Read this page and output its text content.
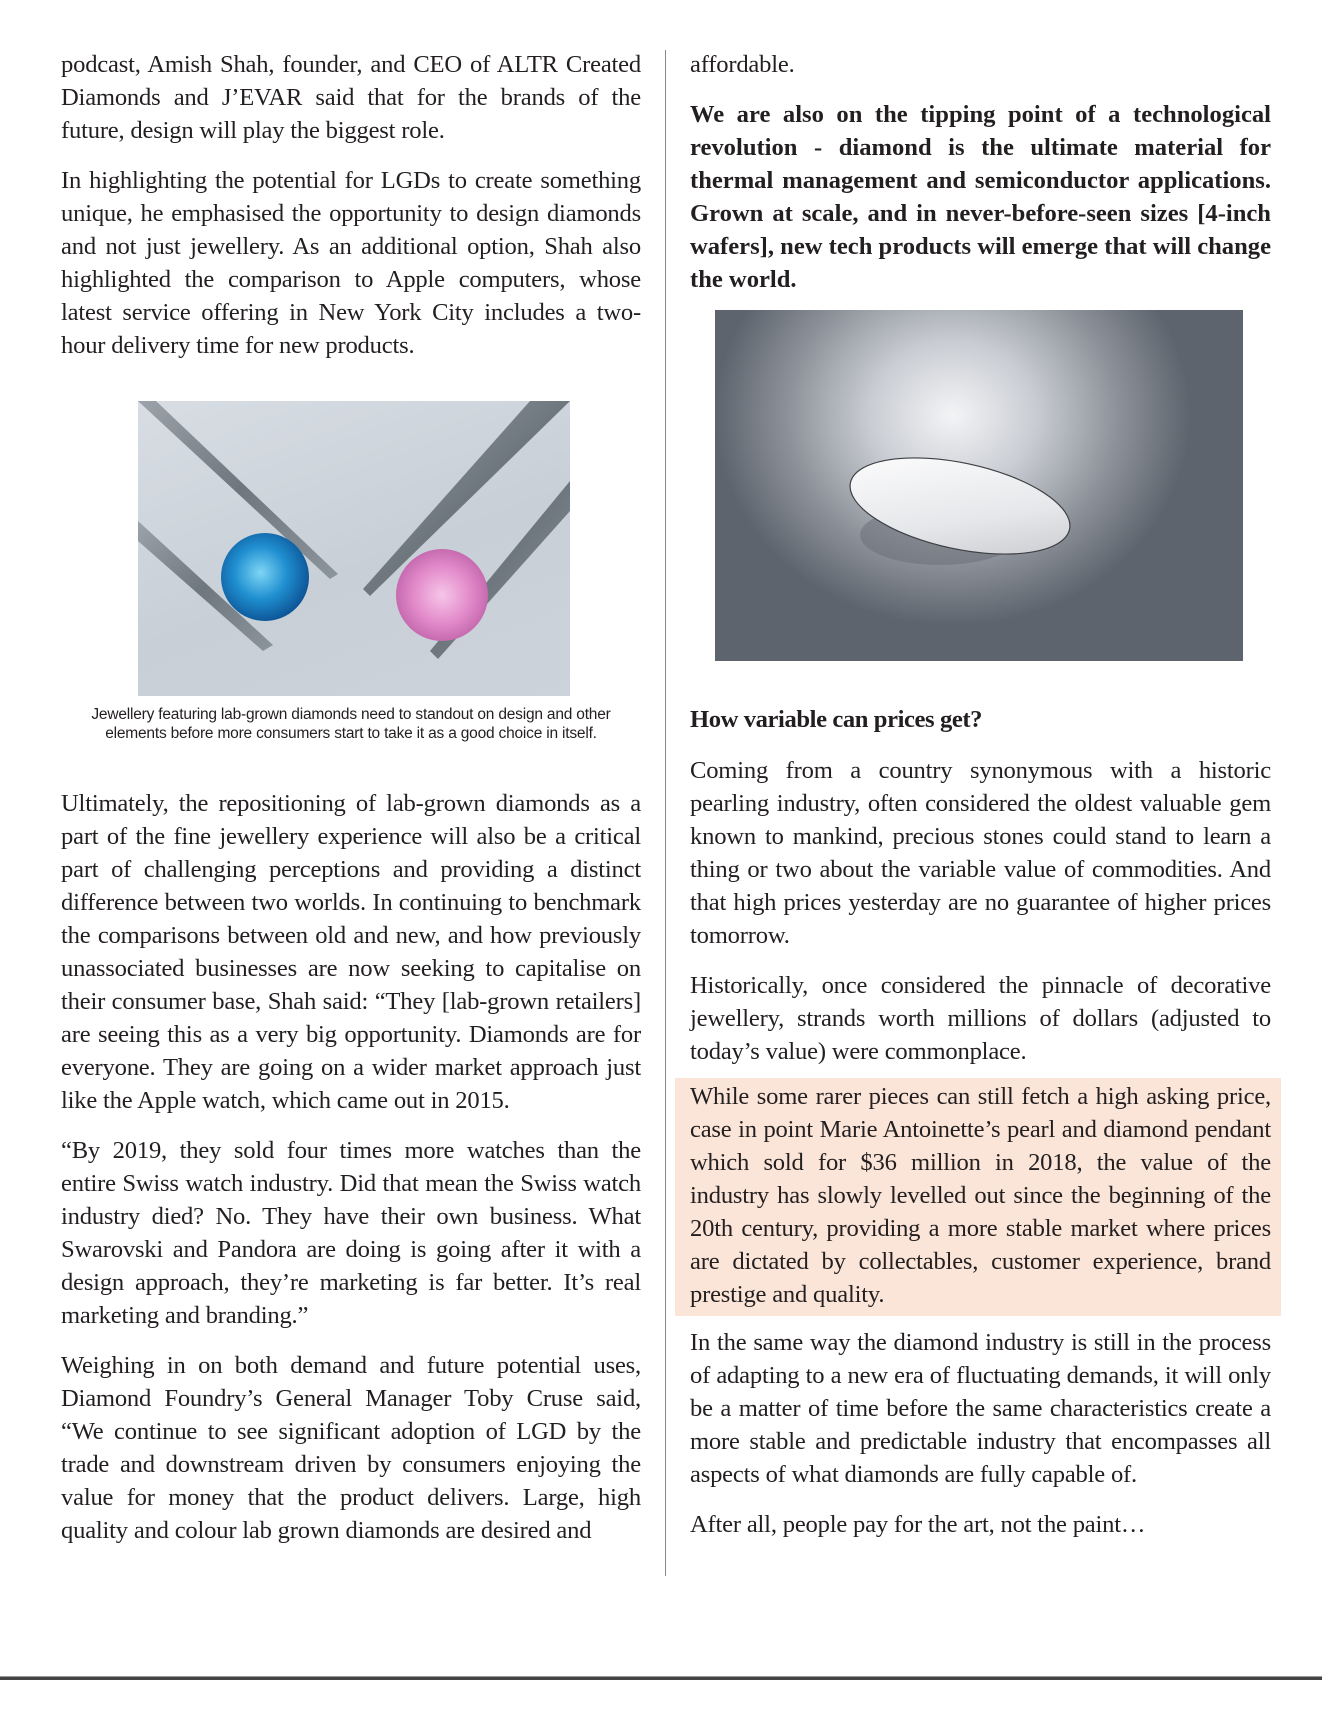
podcast, Amish Shah, founder, and CEO of ALTR Created Diamonds and J’EVAR said that for the brands of the future, design will play the biggest role.

In highlighting the potential for LGDs to create something unique, he emphasised the opportunity to design diamonds and not just jewellery. As an additional option, Shah also highlighted the comparison to Apple computers, whose latest service offering in New York City includes a two-hour delivery time for new products.

Jewellery featuring lab-grown diamonds need to standout on design and other elements before more consumers start to take it as a good choice in itself.

Ultimately, the repositioning of lab-grown diamonds as a part of the fine jewellery experience will also be a critical part of challenging perceptions and providing a distinct difference between two worlds. In continuing to benchmark the comparisons between old and new, and how previously unassociated businesses are now seeking to capitalise on their consumer base, Shah said: “They [lab-grown retailers] are seeing this as a very big opportunity. Diamonds are for everyone. They are going on a wider market approach just like the Apple watch, which came out in 2015.

“By 2019, they sold four times more watches than the entire Swiss watch industry. Did that mean the Swiss watch industry died? No. They have their own business. What Swarovski and Pandora are doing is going after it with a design approach, they’re marketing is far better. It’s real marketing and branding.”

Weighing in on both demand and future potential uses, Diamond Foundry’s General Manager Toby Cruse said, “We continue to see significant adoption of LGD by the trade and downstream driven by consumers enjoying the value for money that the product delivers. Large, high quality and colour lab grown diamonds are desired and

affordable.

We are also on the tipping point of a technological revolution - diamond is the ultimate material for thermal management and semiconductor applications. Grown at scale, and in never-before-seen sizes [4-inch wafers], new tech products will emerge that will change the world.

How variable can prices get?

Coming from a country synonymous with a historic pearling industry, often considered the oldest valuable gem known to mankind, precious stones could stand to learn a thing or two about the variable value of commodities. And that high prices yesterday are no guarantee of higher prices tomorrow.

Historically, once considered the pinnacle of decorative jewellery, strands worth millions of dollars (adjusted to today’s value) were commonplace.

While some rarer pieces can still fetch a high asking price, case in point Marie Antoinette’s pearl and diamond pendant which sold for $36 million in 2018, the value of the industry has slowly levelled out since the beginning of the 20th century, providing a more stable market where prices are dictated by collectables, customer experience, brand prestige and quality.

In the same way the diamond industry is still in the process of adapting to a new era of fluctuating demands, it will only be a matter of time before the same characteristics create a more stable and predictable industry that encompasses all aspects of what diamonds are fully capable of.

After all, people pay for the art, not the paint…
